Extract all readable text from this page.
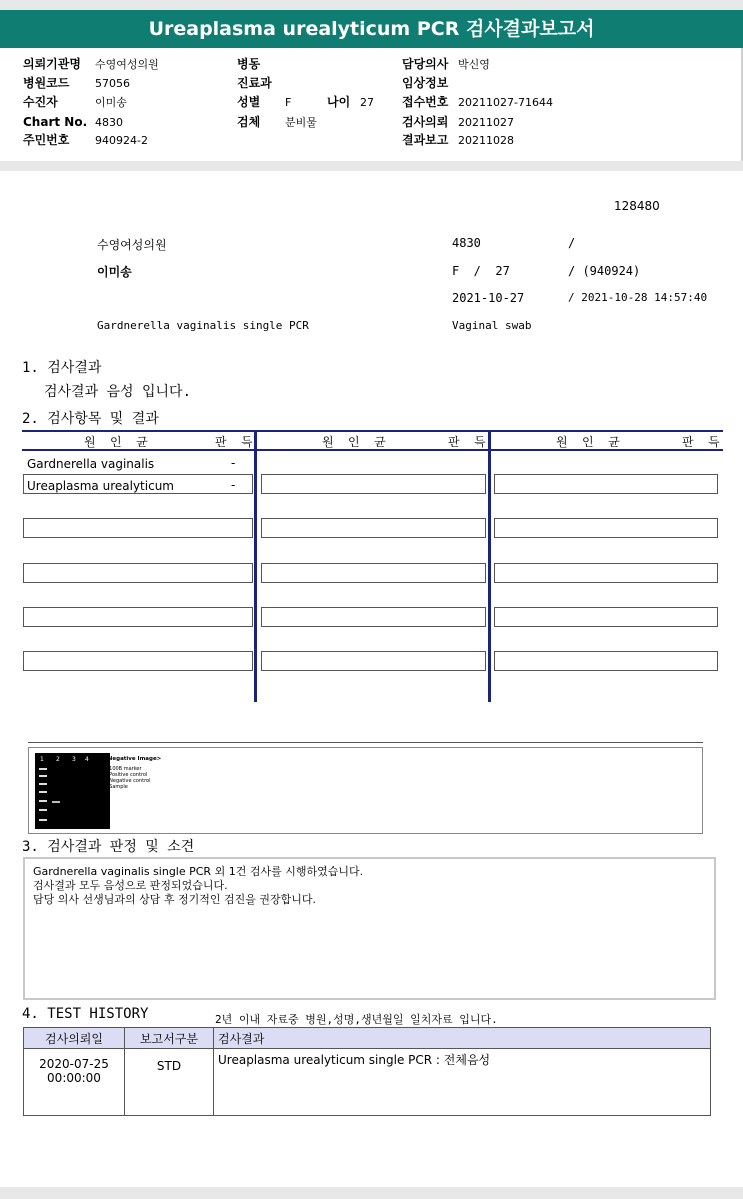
Ureaplasma urealyticum PCR 검사결과보고서
의뢰기관명 수영여성의원
병원코드 57056
수진자	이미송
Chart No. 4830
주민번호 940924-2
병동
진료과
성별 F	나이 27
검체 분비물
담당의사 박신영
임상정보
접수번호 20211027-71644
검사의뢰 20211027
결과보고 20211028
128480
수영여성의원	4830	/
이미송	F  /  27	/ (940924)
2021-10-27	/ 2021-10-28 14:57:40
Gardnerella vaginalis single PCR	Vaginal swab
1. 검사결과
검사결과 음성 입니다.
2. 검사항목 및 결과
원  인  균	판  득	원  인  균	판  득	원  인  균	판  득
Gardnerella vaginalis	-
Ureaplasma urealyticum	-
1 2 3 4 <STD Negative Image>
Lane 1: 100B marker
Lane 2: Positive control
Lane 3: Negative control
Lane 4: Sample
3. 검사결과 판정 및 소견
Gardnerella vaginalis single PCR 외 1건 검사를 시행하였습니다.
검사결과 모두 음성으로 판정되었습니다.
담당 의사 선생님과의 상담 후 정기적인 검진을 권장합니다.
4. TEST HISTORY	2년 이내 자료중 병원,성명,생년월일 일치자료 입니다.
검사의뢰일	보고서구분	검사결과

2020-07-25
00:00:00	STD	Ureaplasma urealyticum single PCR : 전체음성
